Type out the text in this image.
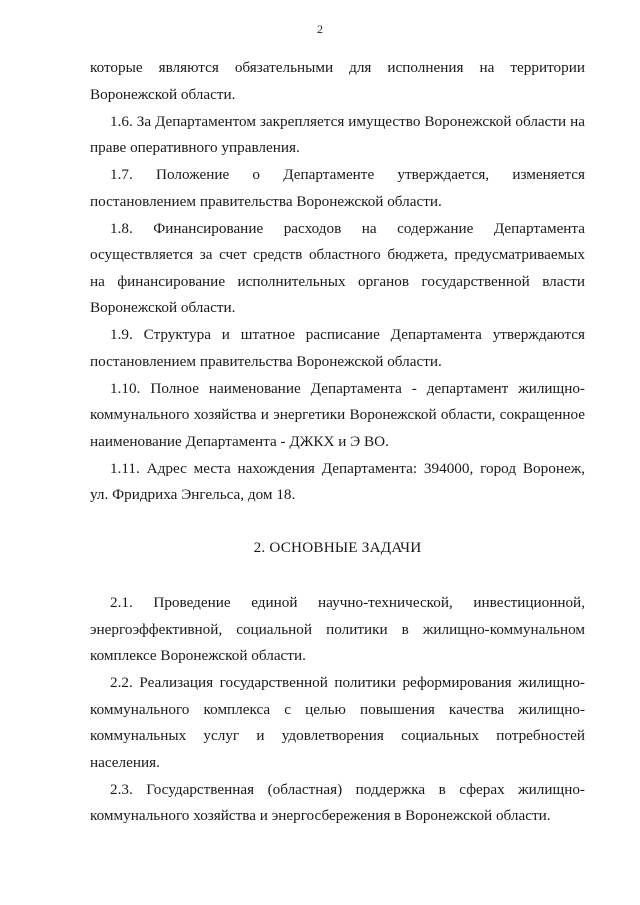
2

которые являются обязательными для исполнения на территории Воронежской области.

1.6. За Департаментом закрепляется имущество Воронежской области на праве оперативного управления.

1.7. Положение о Департаменте утверждается, изменяется постановлением правительства Воронежской области.

1.8. Финансирование расходов на содержание Департамента осуществляется за счет средств областного бюджета, предусматриваемых на финансирование исполнительных органов государственной власти Воронежской области.

1.9. Структура и штатное расписание Департамента утверждаются постановлением правительства Воронежской области.

1.10. Полное наименование Департамента - департамент жилищно-коммунального хозяйства и энергетики Воронежской области, сокращенное наименование Департамента - ДЖКХ и Э ВО.

1.11. Адрес места нахождения Департамента: 394000, город Воронеж, ул. Фридриха Энгельса, дом 18.

2. ОСНОВНЫЕ ЗАДАЧИ

2.1. Проведение единой научно-технической, инвестиционной, энергоэффективной, социальной политики в жилищно-коммунальном комплексе Воронежской области.

2.2. Реализация государственной политики реформирования жилищно-коммунального комплекса с целью повышения качества жилищно-коммунальных услуг и удовлетворения социальных потребностей населения.

2.3. Государственная (областная) поддержка в сферах жилищно-коммунального хозяйства и энергосбережения в Воронежской области.
